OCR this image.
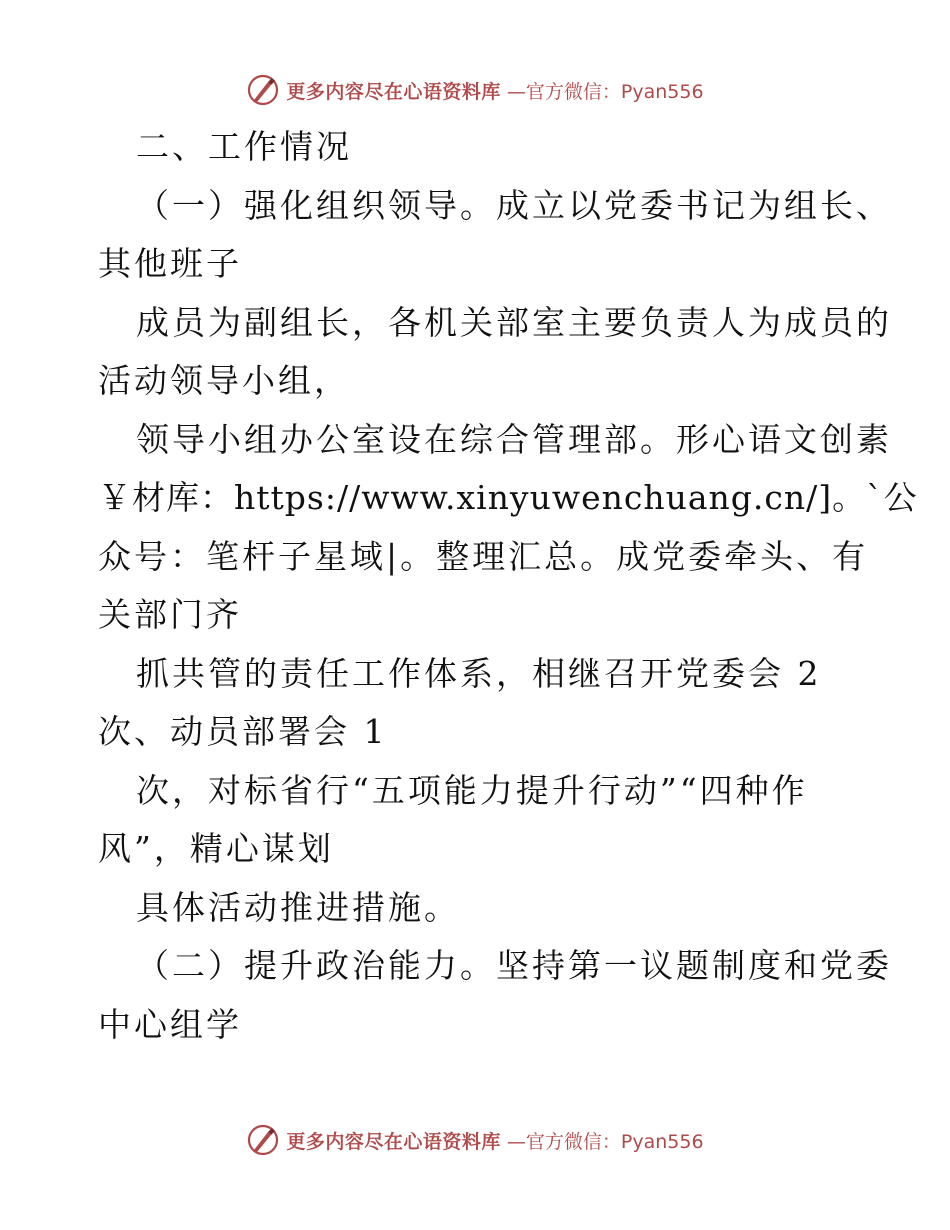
更多内容尽在心语资料库 —官方微信：Pyan556
二、工作情况
（一）强化组织领导。成立以党委书记为组长、
其他班子
成员为副组长，各机关部室主要负责人为成员的
活动领导小组，
领导小组办公室设在综合管理部。形心语文创素
￥材库：https://www.xinyuwenchuang.cn/]。`公
众号：笔杆子星域|。整理汇总。成党委牵头、有
关部门齐
抓共管的责任工作体系，相继召开党委会 2
次、动员部署会 1
次，对标省行“五项能力提升行动”“四种作
风”，精心谋划
具体活动推进措施。
（二）提升政治能力。坚持第一议题制度和党委
中心组学
更多内容尽在心语资料库 —官方微信：Pyan556
